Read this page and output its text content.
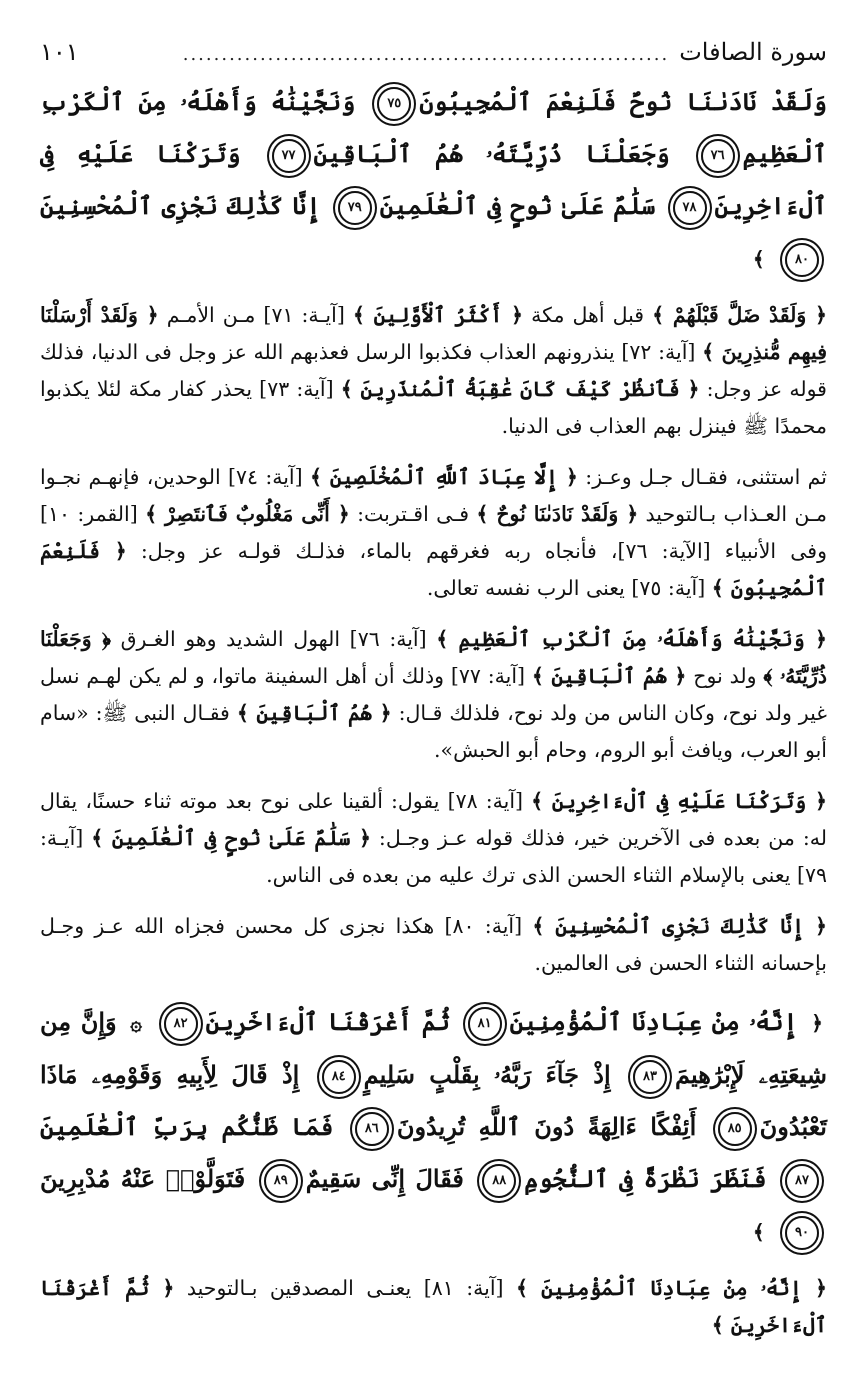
سورة الصافات
...............................................................
١٠١

وَلَقَدْ نَادَىٰنَا نُوحٌ فَلَنِعْمَ ٱلْمُجِيبُونَ٧٥ وَنَجَّيْنَٰهُ وَأَهْلَهُۥ مِنَ ٱلْكَرْبِ ٱلْعَظِيمِ٧٦ وَجَعَلْنَا ذُرِّيَّتَهُۥ هُمُ ٱلْبَاقِينَ٧٧ وَتَرَكْنَا عَلَيْهِ فِى ٱلْءَاخِرِينَ٧٨ سَلَٰمٌ عَلَىٰ نُوحٍ فِى ٱلْعَٰلَمِينَ٧٩ إِنَّا كَذَٰلِكَ نَجْزِى ٱلْمُحْسِنِينَ٨٠ ﴾

﴿ وَلَقَدْ ضَلَّ قَبْلَهُمْ ﴾ قبل أهل مكة ﴿ أَكْثَرُ ٱلْأَوَّلِينَ ﴾ [آيـة: ٧١] مـن الأمـم ﴿ وَلَقَدْ أَرْسَلْنَا فِيهِم مُّنذِرِينَ ﴾ [آية: ٧٢] ينذرونهم العذاب فكذبوا الرسل فعذبهم الله عز وجل فى الدنيا، فذلك قوله عز وجل: ﴿ فَٱنظُرْ كَيْفَ كَانَ عَٰقِبَةُ ٱلْمُنذَرِينَ ﴾ [آية: ٧٣] يحذر كفار مكة لئلا يكذبوا محمدًا ﷺ فينزل بهم العذاب فى الدنيا.

ثم استثنى، فقـال جـل وعـز: ﴿ إِلَّا عِبَادَ ٱللَّهِ ٱلْمُخْلَصِينَ ﴾ [آية: ٧٤] الوحدين، فإنهـم نجـوا مـن العـذاب بـالتوحيد ﴿ وَلَقَدْ نَادَىٰنَا نُوحٌ ﴾ فـى اقـتربت: ﴿ أَنِّى مَغْلُوبٌ فَٱنتَصِرْ ﴾ [القمر: ١٠] وفى الأنبياء [الآية: ٧٦]، فأنجاه ربه فغرقهم بالماء، فذلـك قولـه عز وجل: ﴿ فَلَنِعْمَ ٱلْمُجِيبُونَ ﴾ [آية: ٧٥] يعنى الرب نفسه تعالى.

﴿ وَنَجَّيْنَٰهُ وَأَهْلَهُۥ مِنَ ٱلْكَرْبِ ٱلْعَظِيمِ ﴾ [آية: ٧٦] الهول الشديد وهو الغـرق ﴿ وَجَعَلْنَا ذُرِّيَّتَهُۥ ﴾ ولد نوح ﴿ هُمُ ٱلْبَاقِينَ ﴾ [آية: ٧٧] وذلك أن أهل السفينة ماتوا، و لم يكن لهـم نسل غير ولد نوح، وكان الناس من ولد نوح، فلذلك قـال: ﴿ هُمُ ٱلْبَاقِينَ ﴾ فقـال النبى ﷺ: «سام أبو العرب، ويافث أبو الروم، وحام أبو الحبش».

﴿ وَتَرَكْنَا عَلَيْهِ فِى ٱلْءَاخِرِينَ ﴾ [آية: ٧٨] يقول: ألقينا على نوح بعد موته ثناء حسنًا، يقال له: من بعده فى الآخرين خير، فذلك قوله عـز وجـل: ﴿ سَلَٰمٌ عَلَىٰ نُوحٍ فِى ٱلْعَٰلَمِينَ ﴾ [آيـة: ٧٩] يعنى بالإسلام الثناء الحسن الذى ترك عليه من بعده فى الناس.

﴿ إِنَّا كَذَٰلِكَ نَجْزِى ٱلْمُحْسِنِينَ ﴾ [آية: ٨٠] هكذا نجزى كل محسن فجزاه الله عـز وجـل بإحسانه الثناء الحسن فى العالمين.

﴿ إِنَّهُۥ مِنْ عِبَادِنَا ٱلْمُؤْمِنِينَ٨١ ثُمَّ أَغْرَقْنَا ٱلْءَاخَرِينَ٨٢ ۞ وَإِنَّ مِن شِيعَتِهِۦ لَإِبْرَٰهِيمَ٨٣ إِذْ جَآءَ رَبَّهُۥ بِقَلْبٍ سَلِيمٍ٨٤ إِذْ قَالَ لِأَبِيهِ وَقَوْمِهِۦ مَاذَا تَعْبُدُونَ٨٥ أَئِفْكًا ءَالِهَةً دُونَ ٱللَّهِ تُرِيدُونَ٨٦ فَمَا ظَنُّكُم بِرَبِّ ٱلْعَٰلَمِينَ٨٧ فَنَظَرَ نَظْرَةً فِى ٱلنُّجُومِ٨٨ فَقَالَ إِنِّى سَقِيمٌ٨٩ فَتَوَلَّوْا۟ عَنْهُ مُدْبِرِينَ٩٠ ﴾

﴿ إِنَّهُۥ مِنْ عِبَادِنَا ٱلْمُؤْمِنِينَ ﴾ [آية: ٨١] يعنـى المصدقين بـالتوحيد ﴿ ثُمَّ أَغْرَقْنَا ٱلْءَاخَرِينَ ﴾
